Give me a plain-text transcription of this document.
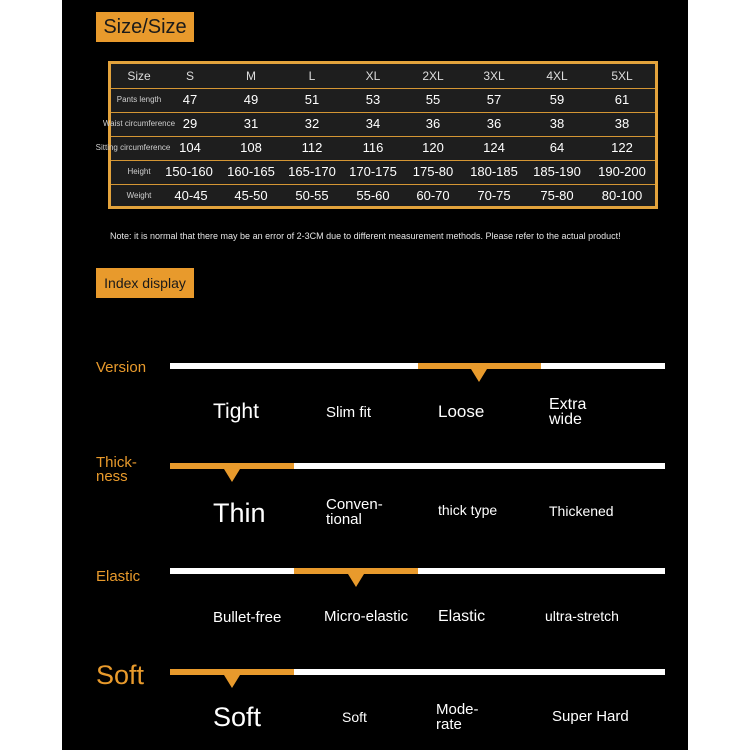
Size/Size
Size	S	M	L	XL	2XL	3XL	4XL	5XL
Pants length	47	49	51	53	55	57	59	61
Waist circumference 29	31	32	34	36	36	38	38
Sitting circumference 104	108	112	116	120	124	64	122
Height	150-160	160-165	165-170	170-175	175-80	180-185	185-190	190-200
Weight	40-45	45-50	50-55	55-60	60-70	70-75	75-80	80-100
Note: it is normal that there may be an error of 2-3CM due to different measurement methods. Please refer to the actual product!
Index display
Version
Tight	Slim fit	Loose	Extra wide
Thick-ness
Thin	Conven-tional
thick type	Thickened
Elastic
Bullet-free	Micro-elastic Elastic	ultra-stretch
Soft
Soft	Soft	Mode-rate	Super Hard
